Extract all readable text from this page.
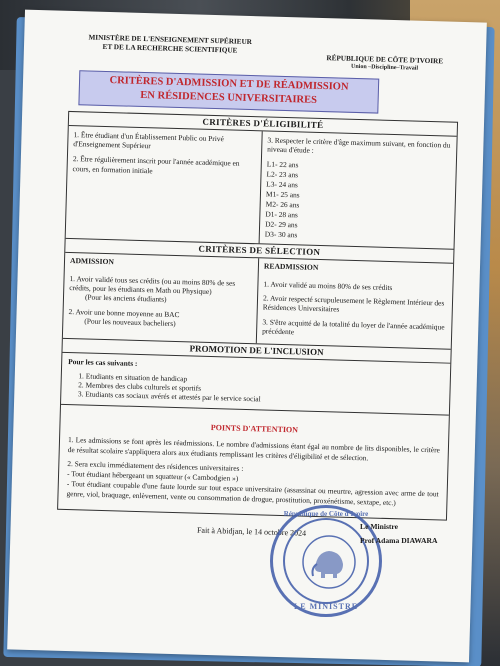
MINISTÈRE DE L'ENSEIGNEMENT SUPÉRIEUR
ET DE LA RECHERCHE SCIENTIFIQUE
RÉPUBLIQUE DE CÔTE D'IVOIRE
Union –Discipline–Travail
CRITÈRES D'ADMISSION ET DE RÉADMISSION
EN RÉSIDENCES UNIVERSITAIRES
CRITÈRES D'ÉLIGIBILITÉ

1. Être étudiant d'un Établissement Public ou Privé d'Enseignement Supérieur

2. Être régulièrement inscrit pour l'année académique en cours, en formation initiale

3. Respecter le critère d'âge maximum suivant, en fonction du niveau d'étude :

L1- 22 ans
L2- 23 ans
L3- 24 ans
M1- 25 ans
M2- 26 ans
D1- 28 ans
D2- 29 ans
D3- 30 ans
CRITÈRES DE SÉLECTION
ADMISSION

1. Avoir validé tous ses crédits (ou au moins 80% de ses crédits, pour les étudiants en Math ou Physique)
(Pour les anciens étudiants)

2. Avoir une bonne moyenne au BAC
(Pour les nouveaux bacheliers)

READMISSION

1. Avoir validé au moins 80% de ses crédits

2. Avoir respecté scrupuleusement le Règlement Intérieur des Résidences Universitaires

3. S'être acquitté de la totalité du loyer de l'année académique précédente

PROMOTION DE L'INCLUSION
Pour les cas suivants :
1. Etudiants en situation de handicap
2. Membres des clubs culturels et sportifs
3. Etudiants cas sociaux avérés et attestés par le service social
POINTS D'ATTENTION

1. Les admissions se font après les réadmissions. Le nombre d'admissions étant égal au nombre de lits disponibles, le critère de résultat scolaire s'appliquera alors aux étudiants remplissant les critères d'éligibilité et de sélection.

2. Sera exclu immédiatement des résidences universitaires :

- Tout étudiant hébergeant un squatteur (« Cambodgien »)

- Tout étudiant coupable d'une faute lourde sur tout espace universitaire (assassinat ou meurtre, agression avec arme de tout genre, viol, braquage, enlèvement, vente ou consommation de drogue, prostitution, proxénétisme, sextape, etc.)

Fait à Abidjan, le 14 octobre 2024
République de Côte d'Ivoire
LE MINISTRE
Le Ministre
Prof Adama DIAWARA
